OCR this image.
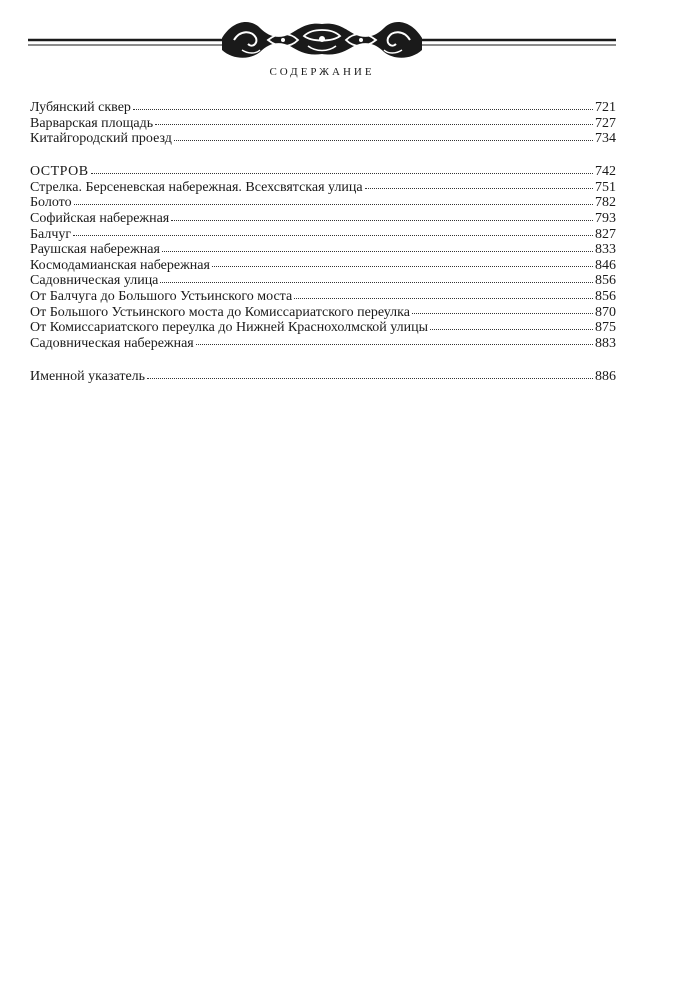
СОДЕРЖАНИЕ
Лубянский сквер	721
Варварская площадь	727
Китайгородский проезд	734
ОСТРОВ	742
Стрелка. Берсеневская набережная. Всехсвятская улица	751
Болото	782
Софийская набережная	793
Балчуг	827
Раушская набережная	833
Космодамианская набережная	846
Садовническая улица	856
От Балчуга до Большого Устьинского моста	856
От Большого Устьинского моста до Комиссариатского переулка	870
От Комиссариатского переулка до Нижней Краснохолмской улицы	875
Садовническая набережная	883
Именной указатель	886
